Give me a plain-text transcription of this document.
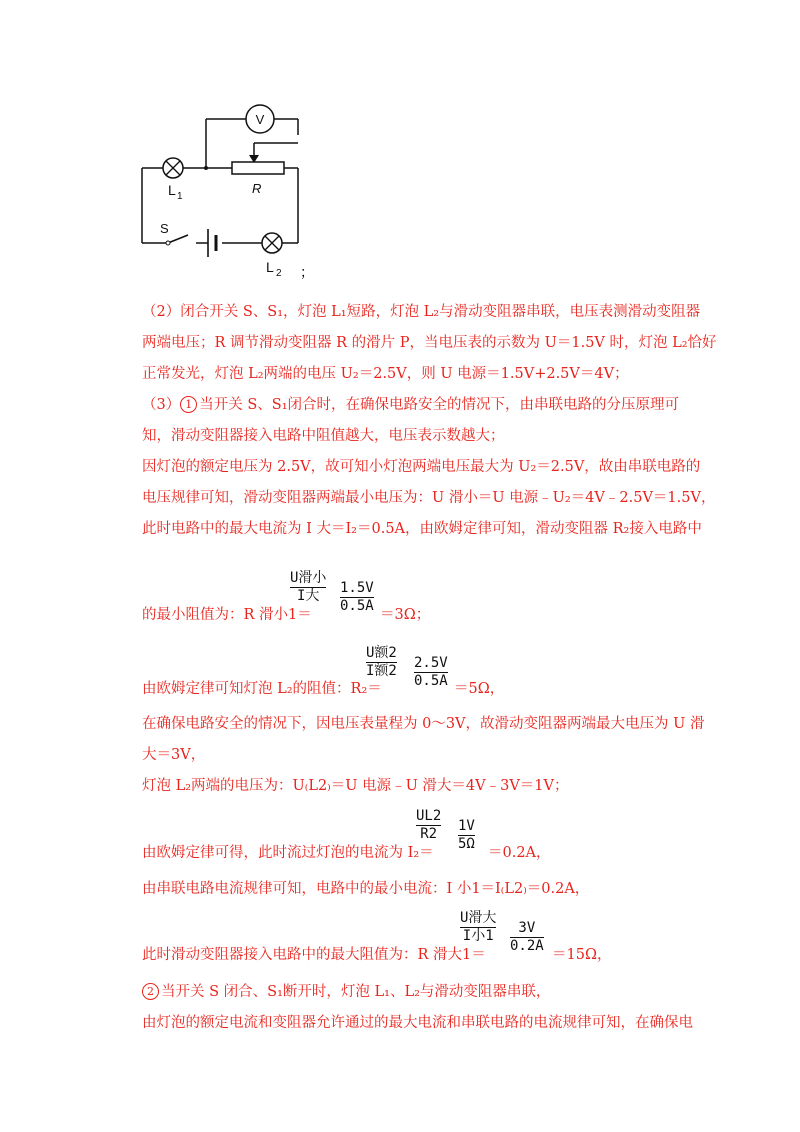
V
L 1
R
S
L 2 ；
（2）闭合开关 S、S₁，灯泡 L₁短路，灯泡 L₂与滑动变阻器串联，电压表测滑动变阻器
两端电压；R 调节滑动变阻器 R 的滑片 P，当电压表的示数为 U＝1.5V 时，灯泡 L₂恰好
正常发光，灯泡 L₂两端的电压 U₂＝2.5V，则 U 电源＝1.5V+2.5V＝4V；
（3） 1 当开关 S、S₁闭合时，在确保电路安全的情况下，由串联电路的分压原理可
知，滑动变阻器接入电路中阻值越大，电压表示数越大；
因灯泡的额定电压为 2.5V，故可知小灯泡两端电压最大为 U₂＝2.5V，故由串联电路的
电压规律可知，滑动变阻器两端最小电压为：U 滑小＝U 电源﹣U₂＝4V﹣2.5V＝1.5V，
此时电路中的最大电流为 I 大＝I₂＝0.5A，由欧姆定律可知，滑动变阻器 R₂接入电路中
U滑小
I大	$\frac{1.5V}{0.5A}$
的最小阻值为：R 滑小1＝	＝3Ω；
U额2
I额$2 \frac{2.5V}{0.5A}$
由欧姆定律可知灯泡 L₂的阻值：R₂＝	＝5Ω，
在确保电路安全的情况下，因电压表量程为 0～3V，故滑动变阻器两端最大电压为 U 滑
大＝3V，
灯泡 L₂两端的电压为：U₍L2₎＝U 电源﹣U 滑大＝4V﹣3V＝1V；
$\frac{UL2}{R2} \frac{1V}{5\Omega}$
由欧姆定律可得，此时流过灯泡的电流为 I₂＝	＝0.2A，
由串联电路电流规律可知，电路中的最小电流：I 小1＝I₍L2₎＝0.2A，
U滑大
I小$1 \frac{3V}{0.2A}$
此时滑动变阻器接入电路中的最大阻值为：R 滑大1＝	＝15Ω，
2 当开关 S 闭合、S₁断开时，灯泡 L₁、L₂与滑动变阻器串联，
由灯泡的额定电流和变阻器允许通过的最大电流和串联电路的电流规律可知，在确保电
